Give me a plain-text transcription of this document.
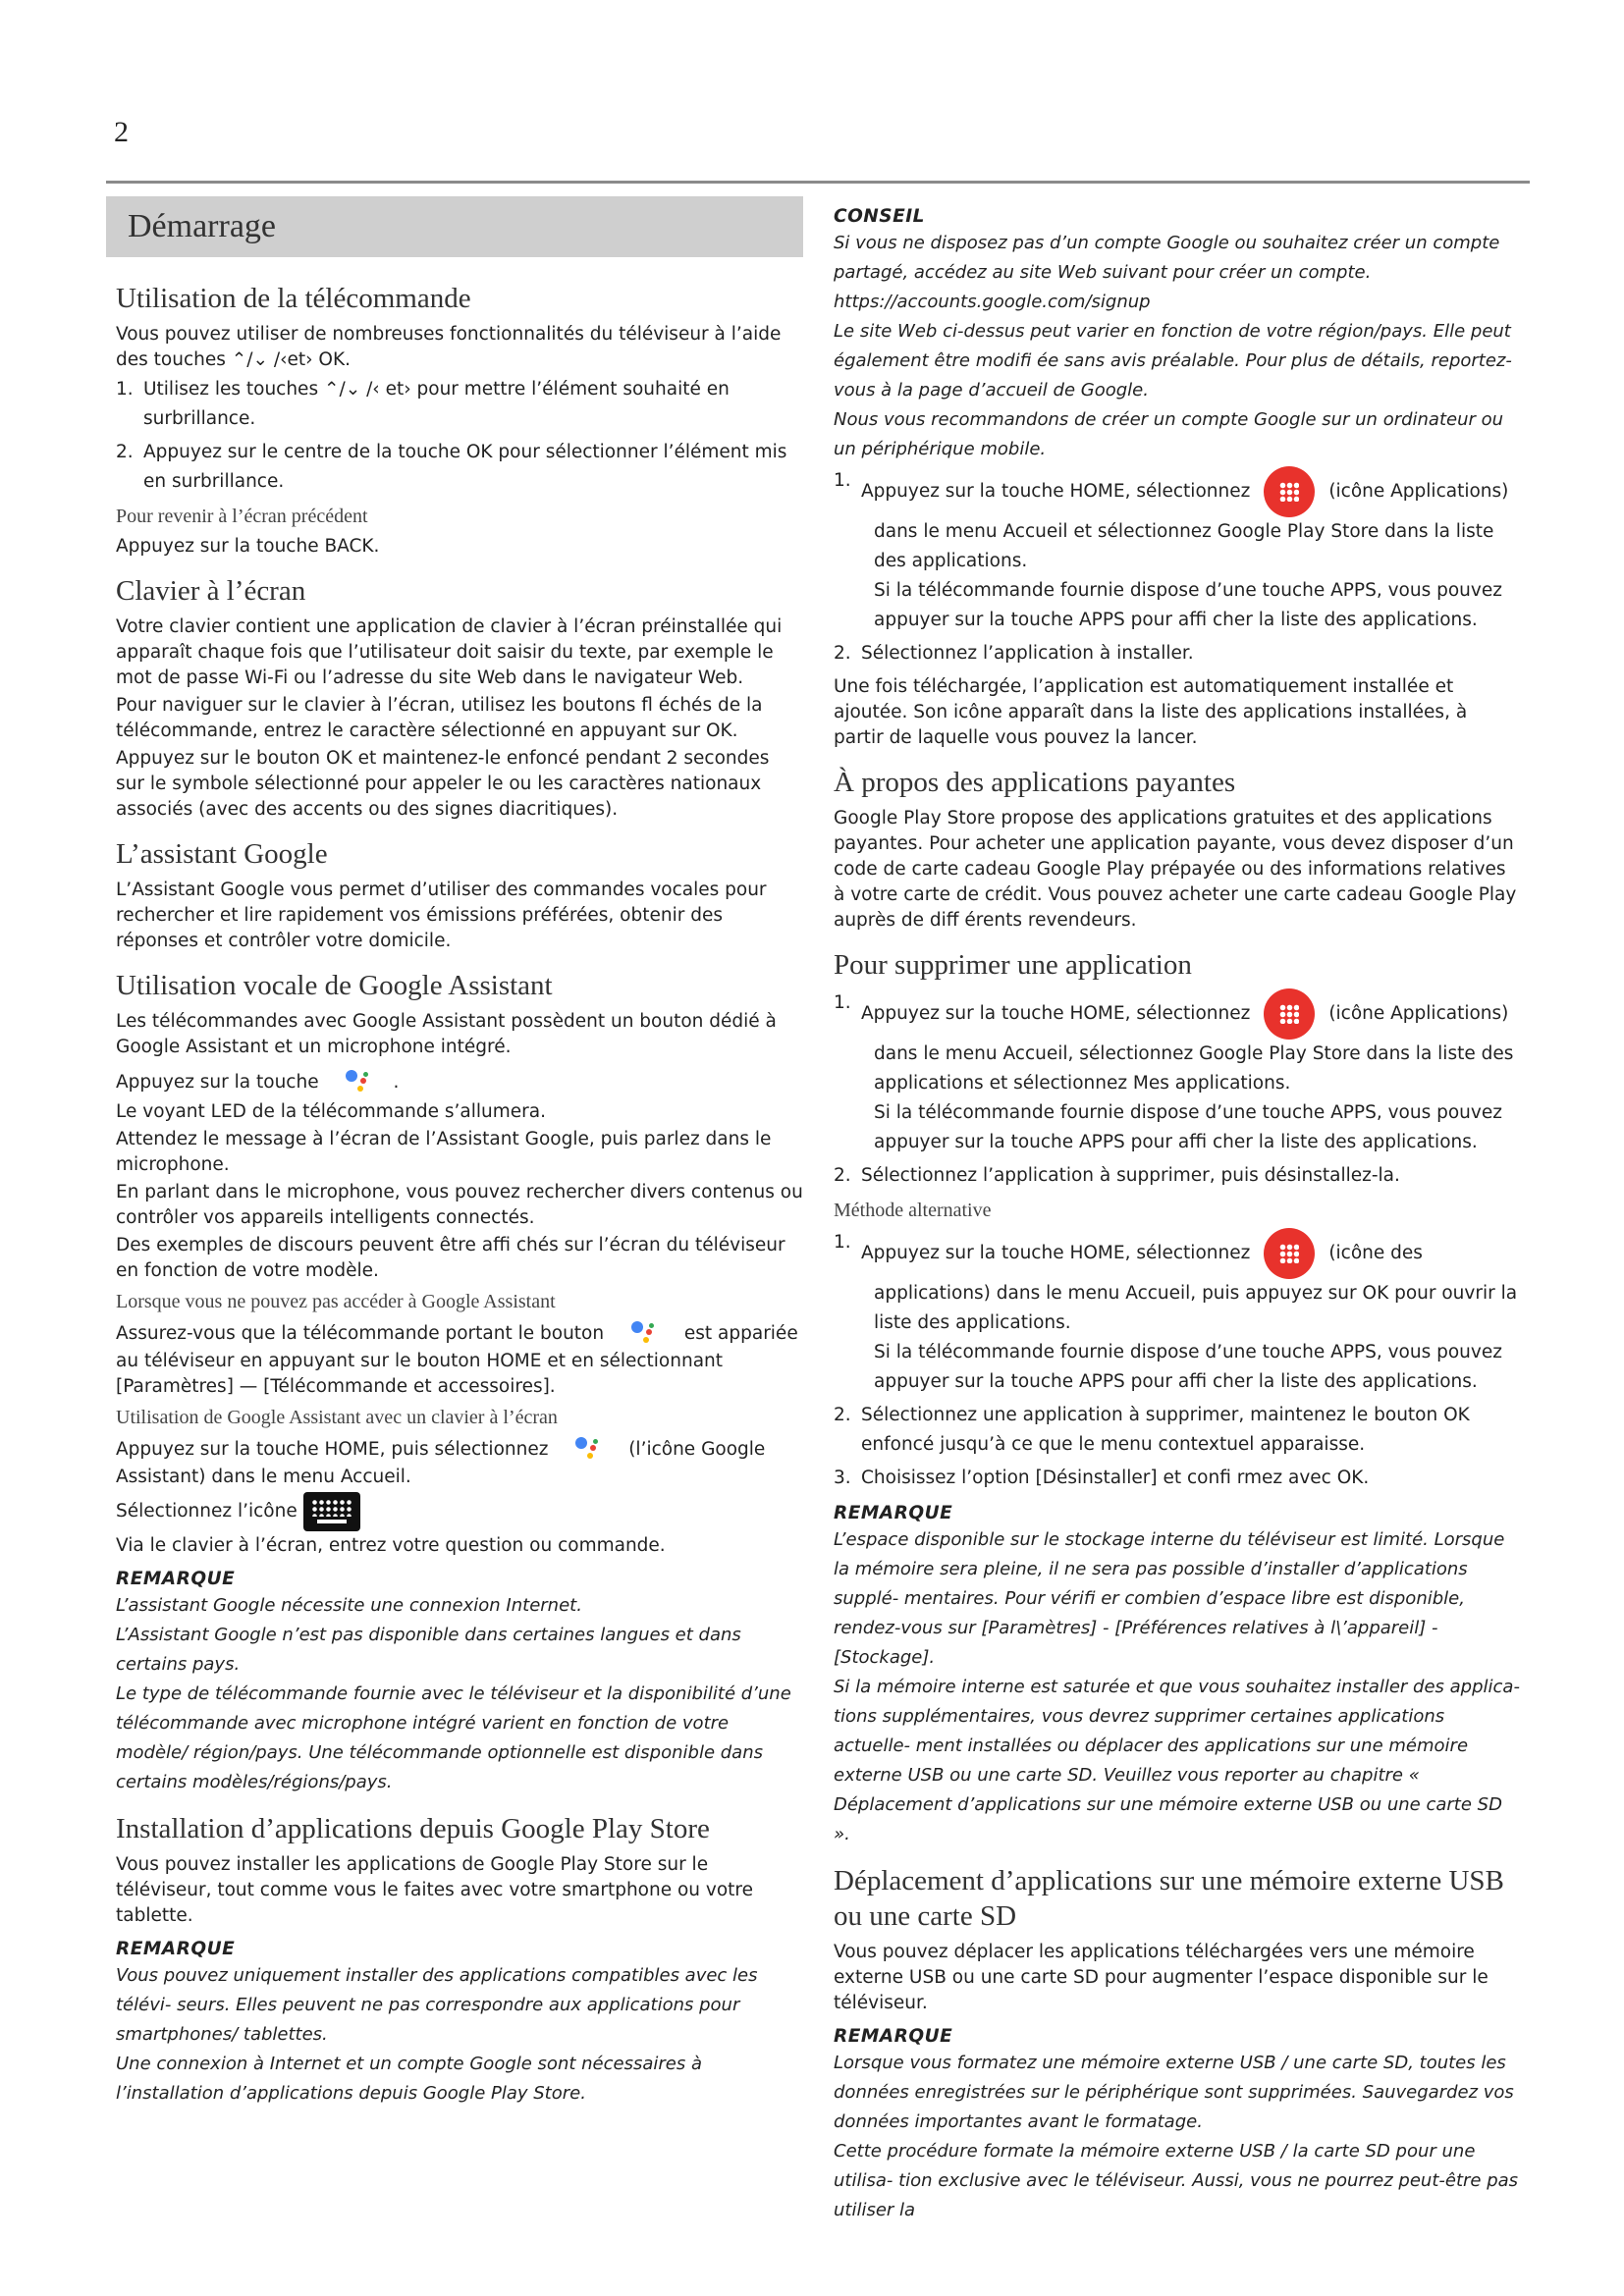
2
Démarrage
Utilisation de la télécommande

Vous pouvez utiliser de nombreuses fonctionnalités du téléviseur à l’aide des touches ⌃/⌄ /‹et› OK.

1. Utilisez les touches ⌃/⌄ /‹ et› pour mettre l’élément souhaité en surbrillance.
2. Appuyez sur le centre de la touche OK pour sélectionner l’élément mis en surbrillance.
Pour revenir à l’écran précédent

Appuyez sur la touche BACK.

Clavier à l’écran

Votre clavier contient une application de clavier à l’écran préinstallée qui apparaît chaque fois que l’utilisateur doit saisir du texte, par exemple le mot de passe Wi-Fi ou l’adresse du site Web dans le navigateur Web.

Pour naviguer sur le clavier à l’écran, utilisez les boutons fl échés de la télécommande, entrez le caractère sélectionné en appuyant sur OK.

Appuyez sur le bouton OK et maintenez-le enfoncé pendant 2 secondes sur le symbole sélectionné pour appeler le ou les caractères nationaux associés (avec des accents ou des signes diacritiques).

L’assistant Google

L’Assistant Google vous permet d’utiliser des commandes vocales pour rechercher et lire rapidement vos émissions préférées, obtenir des réponses et contrôler votre domicile.

Utilisation vocale de Google Assistant

Les télécommandes avec Google Assistant possèdent un bouton dédié à Google Assistant et un microphone intégré.

Appuyez sur la touche	.

Le voyant LED de la télécommande s’allumera.

Attendez le message à l’écran de l’Assistant Google, puis parlez dans le microphone.

En parlant dans le microphone, vous pouvez rechercher divers contenus ou contrôler vos appareils intelligents connectés.

Des exemples de discours peuvent être affi chés sur l’écran du téléviseur en fonction de votre modèle.

Lorsque vous ne pouvez pas accéder à Google Assistant

Assurez-vous que la télécommande portant le bouton	est appariée au téléviseur en appuyant sur le bouton HOME et en sélectionnant [Paramètres] — [Télécommande et accessoires].

Utilisation de Google Assistant avec un clavier à l’écran

Appuyez sur la touche HOME, puis sélectionnez	(l’icône Google Assistant) dans le menu Accueil.

Sélectionnez l’icône

Via le clavier à l’écran, entrez votre question ou commande.

REMARQUE

L’assistant Google nécessite une connexion Internet.

L’Assistant Google n’est pas disponible dans certaines langues et dans certains pays.

Le type de télécommande fournie avec le téléviseur et la disponibilité d’une télécommande avec microphone intégré varient en fonction de votre modèle/ région/pays. Une télécommande optionnelle est disponible dans certains modèles/régions/pays.

Installation d’applications depuis Google Play Store

Vous pouvez installer les applications de Google Play Store sur le téléviseur, tout comme vous le faites avec votre smartphone ou votre tablette.

REMARQUE

Vous pouvez uniquement installer des applications compatibles avec les télévi- seurs. Elles peuvent ne pas correspondre aux applications pour smartphones/ tablettes.

Une connexion à Internet et un compte Google sont nécessaires à l’installation d’applications depuis Google Play Store.

CONSEIL

Si vous ne disposez pas d’un compte Google ou souhaitez créer un compte partagé, accédez au site Web suivant pour créer un compte.

https://accounts.google.com/signup

Le site Web ci-dessus peut varier en fonction de votre région/pays. Elle peut également être modifi ée sans avis préalable. Pour plus de détails, reportez- vous à la page d’accueil de Google.

Nous vous recommandons de créer un compte Google sur un ordinateur ou un périphérique mobile.

1.
Appuyez sur la touche HOME, sélectionnez	(icône Applications)
dans le menu Accueil et sélectionnez Google Play Store dans la liste des applications.
Si la télécommande fournie dispose d’une touche APPS, vous pouvez appuyer sur la touche APPS pour affi cher la liste des applications.
2. Sélectionnez l’application à installer.

Une fois téléchargée, l’application est automatiquement installée et ajoutée. Son icône apparaît dans la liste des applications installées, à partir de laquelle vous pouvez la lancer.

À propos des applications payantes

Google Play Store propose des applications gratuites et des applications payantes. Pour acheter une application payante, vous devez disposer d’un code de carte cadeau Google Play prépayée ou des informations relatives à votre carte de crédit. Vous pouvez acheter une carte cadeau Google Play auprès de diff érents revendeurs.

Pour supprimer une application
1.
Appuyez sur la touche HOME, sélectionnez	(icône Applications)
dans le menu Accueil, sélectionnez Google Play Store dans la liste des applications et sélectionnez Mes applications.
Si la télécommande fournie dispose d’une touche APPS, vous pouvez appuyer sur la touche APPS pour affi cher la liste des applications.
2. Sélectionnez l’application à supprimer, puis désinstallez-la.
Méthode alternative
1.
Appuyez sur la touche HOME, sélectionnez	(icône des
applications) dans le menu Accueil, puis appuyez sur OK pour ouvrir la liste des applications.
Si la télécommande fournie dispose d’une touche APPS, vous pouvez appuyer sur la touche APPS pour affi cher la liste des applications.
2. Sélectionnez une application à supprimer, maintenez le bouton OK enfoncé jusqu’à ce que le menu contextuel apparaisse.
3. Choisissez l’option [Désinstaller] et confi rmez avec OK.
REMARQUE

L’espace disponible sur le stockage interne du téléviseur est limité. Lorsque la mémoire sera pleine, il ne sera pas possible d’installer d’applications supplé- mentaires. Pour vérifi er combien d’espace libre est disponible, rendez-vous sur [Paramètres] - [Préférences relatives à l\’appareil] - [Stockage].

Si la mémoire interne est saturée et que vous souhaitez installer des applica- tions supplémentaires, vous devrez supprimer certaines applications actuelle- ment installées ou déplacer des applications sur une mémoire externe USB ou une carte SD. Veuillez vous reporter au chapitre « Déplacement d’applications sur une mémoire externe USB ou une carte SD ».

Déplacement d’applications sur une mémoire externe USB ou une carte SD

Vous pouvez déplacer les applications téléchargées vers une mémoire externe USB ou une carte SD pour augmenter l’espace disponible sur le téléviseur.

REMARQUE

Lorsque vous formatez une mémoire externe USB / une carte SD, toutes les données enregistrées sur le périphérique sont supprimées. Sauvegardez vos données importantes avant le formatage.

Cette procédure formate la mémoire externe USB / la carte SD pour une utilisa- tion exclusive avec le téléviseur. Aussi, vous ne pourrez peut-être pas utiliser la
